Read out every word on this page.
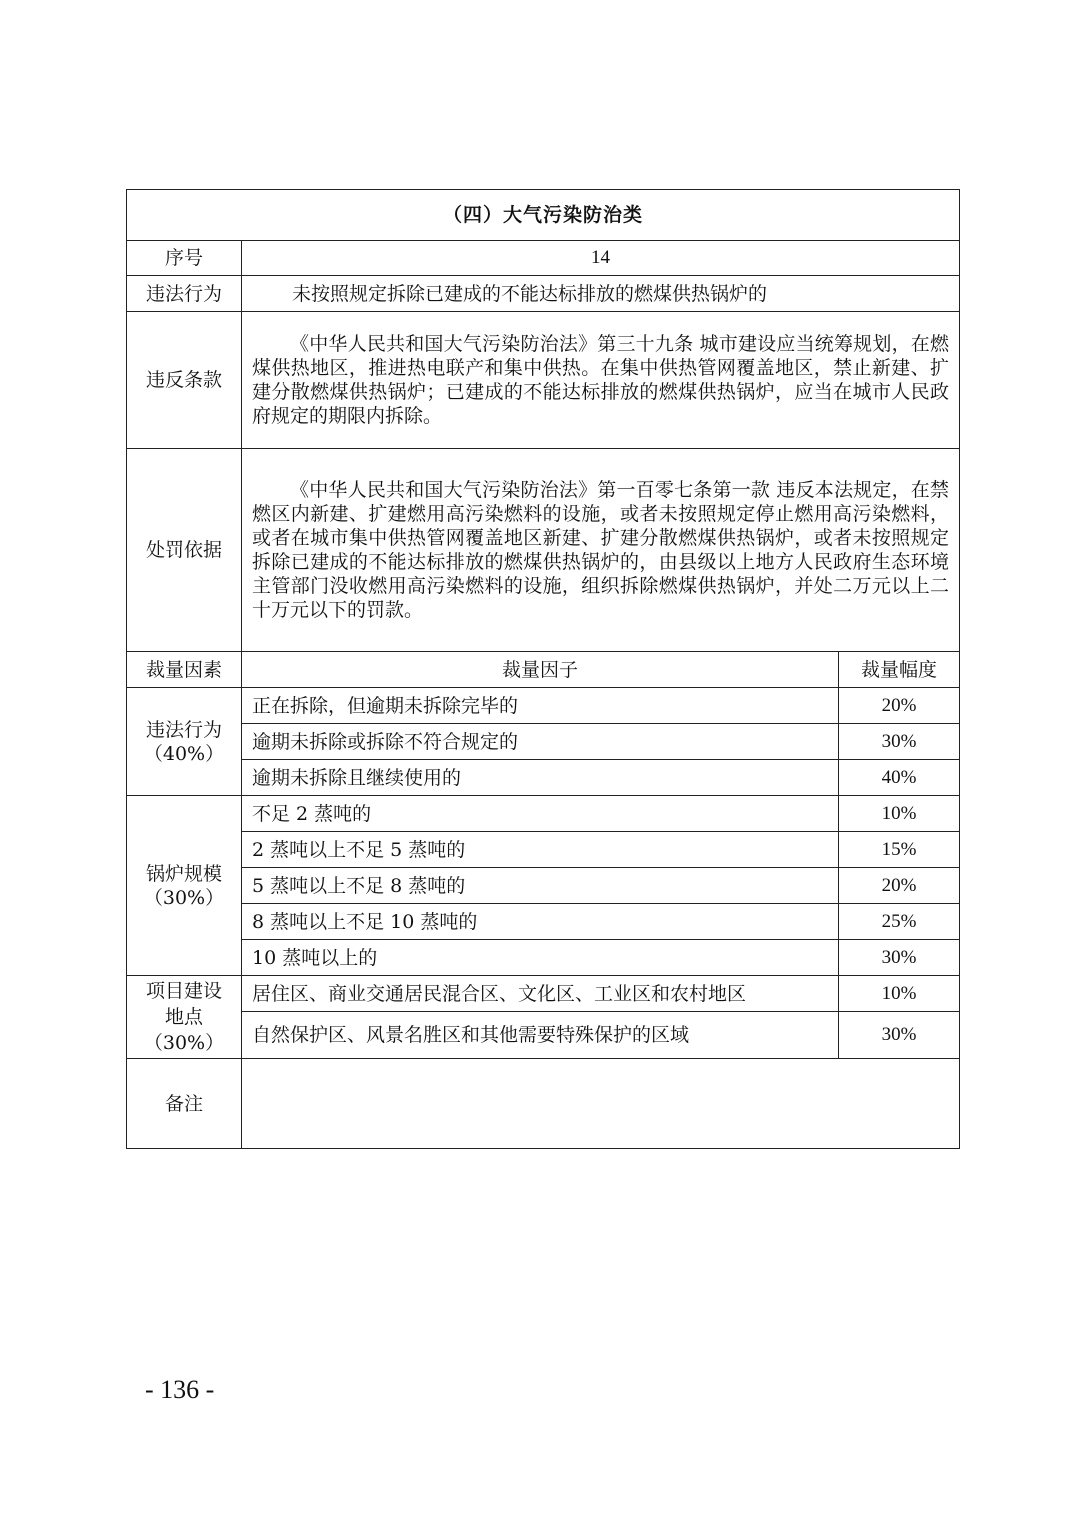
（四）大气污染防治类		
序号	14	
违法行为	未按照规定拆除已建成的不能达标排放的燃煤供热锅炉的	
违反条款	《中华人民共和国大气污染防治法》第三十九条 城市建设应当统筹规划，在燃煤供热地区，推进热电联产和集中供热。在集中供热管网覆盖地区，禁止新建、扩建分散燃煤供热锅炉；已建成的不能达标排放的燃煤供热锅炉，应当在城市人民政府规定的期限内拆除。	
处罚依据	《中华人民共和国大气污染防治法》第一百零七条第一款 违反本法规定，在禁燃区内新建、扩建燃用高污染燃料的设施，或者未按照规定停止燃用高污染燃料，或者在城市集中供热管网覆盖地区新建、扩建分散燃煤供热锅炉，或者未按照规定拆除已建成的不能达标排放的燃煤供热锅炉的，由县级以上地方人民政府生态环境主管部门没收燃用高污染燃料的设施，组织拆除燃煤供热锅炉，并处二万元以上二十万元以下的罚款。	
裁量因素	裁量因子	裁量幅度

违法行为
（40%）	正在拆除，但逾期未拆除完毕的	20%
	逾期未拆除或拆除不符合规定的	30%
	逾期未拆除且继续使用的	40%

锅炉规模
（30%）	不足 2 蒸吨的	10%
	2 蒸吨以上不足 5 蒸吨的	15%
	5 蒸吨以上不足 8 蒸吨的	20%
	8 蒸吨以上不足 10 蒸吨的	25%
	10 蒸吨以上的	30%

项目建设
地点
（30%）	居住区、商业交通居民混合区、文化区、工业区和农村地区	10%
	自然保护区、风景名胜区和其他需要特殊保护的区域	30%
备注		
- 136 -
